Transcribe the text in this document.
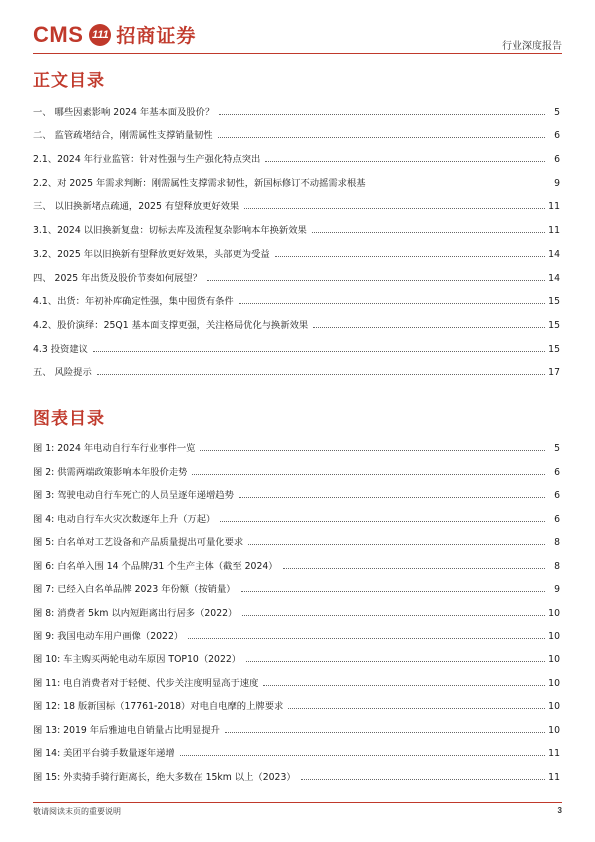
CMS 111 招商证券	行业深度报告
正文目录
一、 哪些因素影响 2024 年基本面及股价？	5
二、 监管疏堵结合，刚需属性支撑销量韧性	6
2.1、2024 年行业监管：针对性强与生产强化特点突出	6
2.2、对 2025 年需求判断：刚需属性支撑需求韧性，新国标修订不动摇需求根基	9
三、 以旧换新堵点疏通，2025 有望释放更好效果	11
3.1、2024 以旧换新复盘：切标去库及流程复杂影响本年换新效果	11
3.2、2025 年以旧换新有望释放更好效果，头部更为受益	14
四、 2025 年出货及股价节奏如何展望？	14
4.1、出货：年初补库确定性强，集中囤货有条件	15
4.2、股价演绎：25Q1 基本面支撑更强，关注格局优化与换新效果	15
4.3 投资建议	15
五、 风险提示	17
图表目录
图 1: 2024 年电动自行车行业事件一览	5
图 2: 供需两端政策影响本年股价走势	6
图 3: 驾驶电动自行车死亡的人员呈逐年递增趋势	6
图 4: 电动自行车火灾次数逐年上升（万起）	6
图 5: 白名单对工艺设备和产品质量提出可量化要求	8
图 6: 白名单入围 14 个品牌/31 个生产主体（截至 2024）	8
图 7: 已经入白名单品牌 2023 年份额（按销量）	9
图 8: 消费者 5km 以内短距离出行居多（2022）	10
图 9: 我国电动车用户画像（2022）	10
图 10: 车主购买两轮电动车原因 TOP10（2022）	10
图 11: 电自消费者对于轻便、代步关注度明显高于速度	10
图 12: 18 版新国标（17761-2018）对电自电摩的上牌要求	10
图 13: 2019 年后雅迪电自销量占比明显提升	10
图 14: 美团平台骑手数量逐年递增	11
图 15: 外卖骑手骑行距离长，绝大多数在 15km 以上（2023）	11
敬请阅读末页的重要说明	3
